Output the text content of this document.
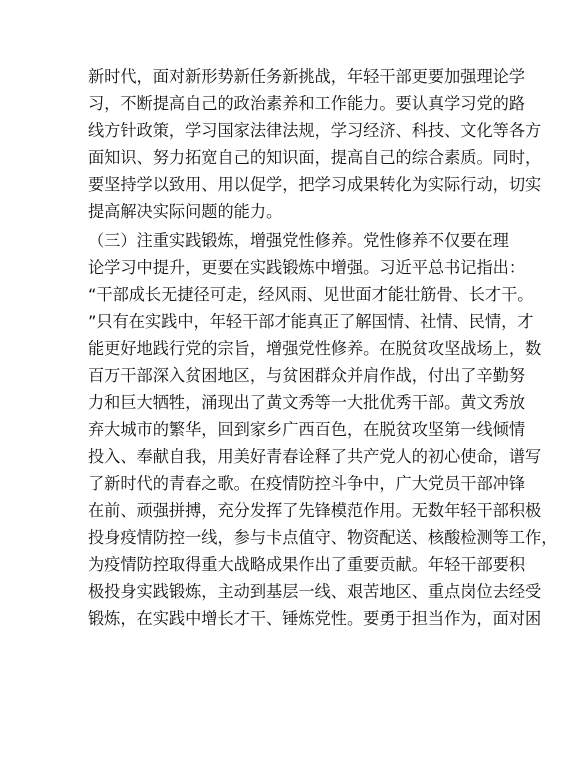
新时代，面对新形势新任务新挑战，年轻干部更要加强理论学
习，不断提高自己的政治素养和工作能力。要认真学习党的路
线方针政策，学习国家法律法规，学习经济、科技、文化等各方
面知识、努力拓宽自己的知识面，提高自己的综合素质。同时，
要坚持学以致用、用以促学，把学习成果转化为实际行动，切实
提高解决实际问题的能力。
（三）注重实践锻炼，增强党性修养。党性修养不仅要在理
论学习中提升，更要在实践锻炼中增强。习近平总书记指出：
“干部成长无捷径可走，经风雨、见世面才能壮筋骨、长才干。
”只有在实践中，年轻干部才能真正了解国情、社情、民情，才
能更好地践行党的宗旨，增强党性修养。在脱贫攻坚战场上，数
百万干部深入贫困地区，与贫困群众并肩作战，付出了辛勤努
力和巨大牺牲，涌现出了黄文秀等一大批优秀干部。黄文秀放
弃大城市的繁华，回到家乡广西百色，在脱贫攻坚第一线倾情
投入、奉献自我，用美好青春诠释了共产党人的初心使命，谱写
了新时代的青春之歌。在疫情防控斗争中，广大党员干部冲锋
在前、顽强拼搏，充分发挥了先锋模范作用。无数年轻干部积极
投身疫情防控一线，参与卡点值守、物资配送、核酸检测等工作，
为疫情防控取得重大战略成果作出了重要贡献。年轻干部要积
极投身实践锻炼，主动到基层一线、艰苦地区、重点岗位去经受
锻炼，在实践中增长才干、锤炼党性。要勇于担当作为，面对困
